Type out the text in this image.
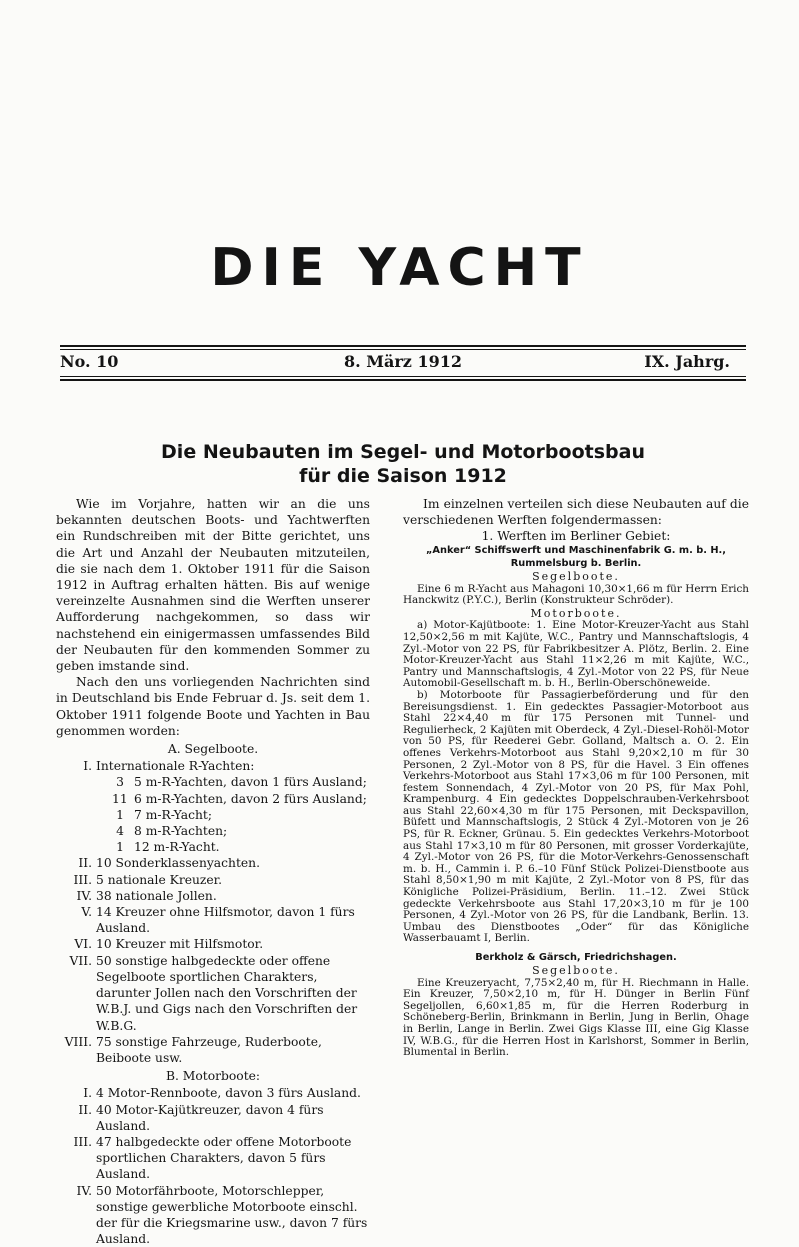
DIE YACHT
No. 10	8. März 1912	IX. Jahrg.
Die Neubauten im Segel- und Motorbootsbau
für die Saison 1912

Wie im Vorjahre, hatten wir an die uns bekannten deutschen Boots- und Yachtwerften ein Rundschreiben mit der Bitte gerichtet, uns die Art und Anzahl der Neubauten mitzuteilen, die sie nach dem 1. Oktober 1911 für die Saison 1912 in Auftrag erhalten hätten. Bis auf wenige vereinzelte Ausnahmen sind die Werften unserer Aufforderung nachgekommen, so dass wir nachstehend ein einigermassen umfassendes Bild der Neubauten für den kommenden Sommer zu geben imstande sind.

Nach den uns vorliegenden Nachrichten sind in Deutschland bis Ende Februar d. Js. seit dem 1. Oktober 1911 folgende Boote und Yachten in Bau genommen worden:

A. Segelboote.
I. Internationale R-Yachten:
3 5 m-R-Yachten, davon 1 fürs Ausland;
11 6 m-R-Yachten, davon 2 fürs Ausland;
1 7 m-R-Yacht;
4 8 m-R-Yachten;
1 12 m-R-Yacht.
II. 10 Sonderklassenyachten.
III. 5 nationale Kreuzer.
IV. 38 nationale Jollen.
V. 14 Kreuzer ohne Hilfsmotor, davon 1 fürs Ausland.
VI. 10 Kreuzer mit Hilfsmotor.
VII. 50 sonstige halbgedeckte oder offene Segelboote sportlichen Charakters, darunter Jollen nach den Vorschriften der W.B.J. und Gigs nach den Vorschriften der W.B.G.
VIII. 75 sonstige Fahrzeuge, Ruderboote, Beiboote usw.
B. Motorboote:
I. 4 Motor-Rennboote, davon 3 fürs Ausland.
II. 40 Motor-Kajütkreuzer, davon 4 fürs Ausland.
III. 47 halbgedeckte oder offene Motorboote sportlichen Charakters, davon 5 fürs Ausland.
IV. 50 Motorfährboote, Motorschlepper, sonstige gewerbliche Motorboote einschl. der für die Kriegsmarine usw., davon 7 fürs Ausland.

Im einzelnen verteilen sich diese Neubauten auf die verschiedenen Werften folgendermassen:

1. Werften im Berliner Gebiet:
„Anker“ Schiffswerft und Maschinenfabrik G. m. b. H.,
Rummelsburg b. Berlin.
Segelboote.

Eine 6 m R-Yacht aus Mahagoni 10,30×1,66 m für Herrn Erich Hanckwitz (P.Y.C.), Berlin (Konstrukteur Schröder).

Motorboote.

a) Motor-Kajütboote: 1. Eine Motor-Kreuzer-Yacht aus Stahl 12,50×2,56 m mit Kajüte, W.C., Pantry und Mannschaftslogis, 4 Zyl.-Motor von 22 PS, für Fabrikbesitzer A. Plötz, Berlin. 2. Eine Motor-Kreuzer-Yacht aus Stahl 11×2,26 m mit Kajüte, W.C., Pantry und Mannschaftslogis, 4 Zyl.-Motor von 22 PS, für Neue Automobil-Gesellschaft m. b. H., Berlin-Oberschöneweide.

b) Motorboote für Passagierbeförderung und für den Bereisungsdienst. 1. Ein gedecktes Passagier-Motorboot aus Stahl 22×4,40 m für 175 Personen mit Tunnel- und Regulierheck, 2 Kajüten mit Oberdeck, 4 Zyl.-Diesel-Rohöl-Motor von 50 PS, für Reederei Gebr. Golland, Maltsch a. O. 2. Ein offenes Verkehrs-Motorboot aus Stahl 9,20×2,10 m für 30 Personen, 2 Zyl.-Motor von 8 PS, für die Havel. 3 Ein offenes Verkehrs-Motorboot aus Stahl 17×3,06 m für 100 Personen, mit festem Sonnendach, 4 Zyl.-Motor von 20 PS, für Max Pohl, Krampenburg. 4 Ein gedecktes Doppelschrauben-Verkehrsboot aus Stahl 22,60×4,30 m für 175 Personen, mit Deckspavillon, Büfett und Mannschaftslogis, 2 Stück 4 Zyl.-Motoren von je 26 PS, für R. Eckner, Grünau. 5. Ein gedecktes Verkehrs-Motorboot aus Stahl 17×3,10 m für 80 Personen, mit grosser Vorderkajüte, 4 Zyl.-Motor von 26 PS, für die Motor-Verkehrs-Genossenschaft m. b. H., Cammin i. P. 6.–10 Fünf Stück Polizei-Dienstboote aus Stahl 8,50×1,90 m mit Kajüte, 2 Zyl.-Motor von 8 PS, für das Königliche Polizei-Präsidium, Berlin. 11.–12. Zwei Stück gedeckte Verkehrsboote aus Stahl 17,20×3,10 m für je 100 Personen, 4 Zyl.-Motor von 26 PS, für die Landbank, Berlin. 13. Umbau des Dienstbootes „Oder“ für das Königliche Wasserbauamt I, Berlin.

Berkholz & Gärsch, Friedrichshagen.
Segelboote.

Eine Kreuzeryacht, 7,75×2,40 m, für H. Riechmann in Halle. Ein Kreuzer, 7,50×2,10 m, für H. Dünger in Berlin Fünf Segeljollen, 6,60×1,85 m, für die Herren Roderburg in Schöneberg-Berlin, Brinkmann in Berlin, Jung in Berlin, Ohage in Berlin, Lange in Berlin. Zwei Gigs Klasse III, eine Gig Klasse IV, W.B.G., für die Herren Host in Karlshorst, Sommer in Berlin, Blumental in Berlin.
